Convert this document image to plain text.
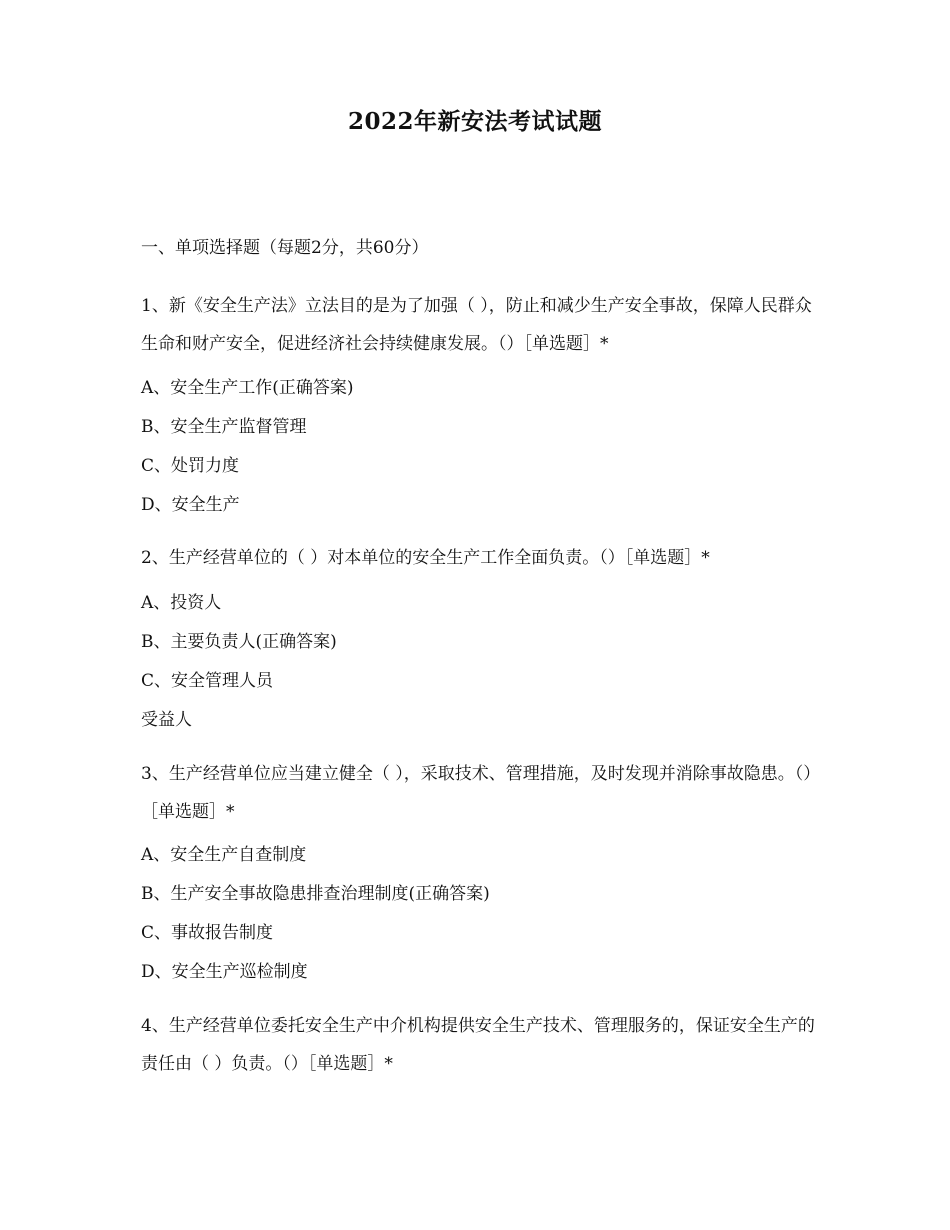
2022年新安法考试试题
一、单项选择题（每题2分，共60分）
1、新《安全生产法》立法目的是为了加强（ ），防止和减少生产安全事故，保障人民群众生命和财产安全，促进经济社会持续健康发展。（）［单选题］*
A、安全生产工作(正确答案)
B、安全生产监督管理
C、处罚力度
D、安全生产
2、生产经营单位的（ ）对本单位的安全生产工作全面负责。（）［单选题］*
A、投资人
B、主要负责人(正确答案)
C、安全管理人员
受益人
3、生产经营单位应当建立健全（ ），采取技术、管理措施，及时发现并消除事故隐患。（）［单选题］*
A、安全生产自查制度
B、生产安全事故隐患排查治理制度(正确答案)
C、事故报告制度
D、安全生产巡检制度
4、生产经营单位委托安全生产中介机构提供安全生产技术、管理服务的，保证安全生产的责任由（ ）负责。（）［单选题］*
